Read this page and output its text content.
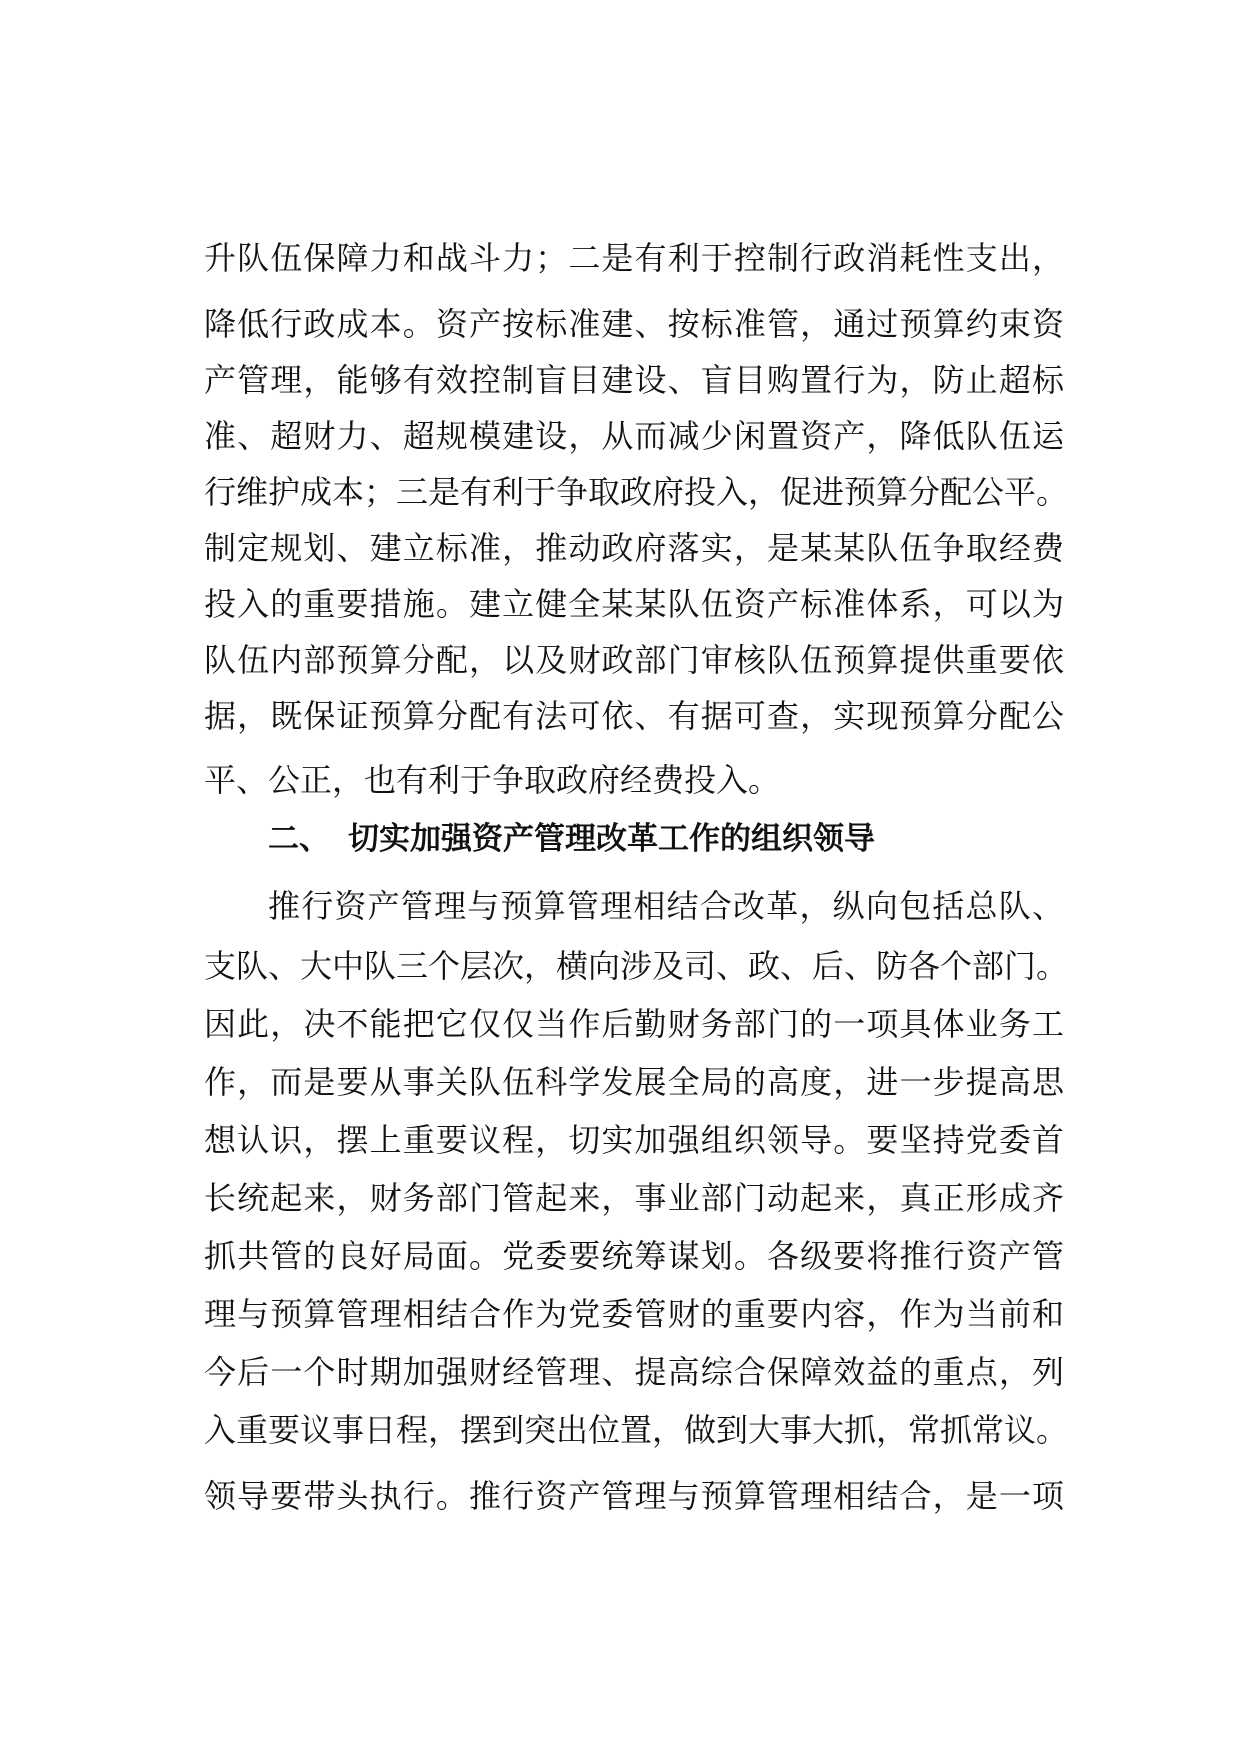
升队伍保障力和战斗力；二是有利于控制行政消耗性支出，
降低行政成本。资产按标准建、按标准管，通过预算约束资
产管理，能够有效控制盲目建设、盲目购置行为，防止超标
准、超财力、超规模建设，从而减少闲置资产，降低队伍运
行维护成本；三是有利于争取政府投入，促进预算分配公平。
制定规划、建立标准，推动政府落实，是某某队伍争取经费
投入的重要措施。建立健全某某队伍资产标准体系，可以为
队伍内部预算分配，以及财政部门审核队伍预算提供重要依
据，既保证预算分配有法可依、有据可查，实现预算分配公
平、公正，也有利于争取政府经费投入。
二、 切实加强资产管理改革工作的组织领导
推行资产管理与预算管理相结合改革，纵向包括总队、
支队、大中队三个层次，横向涉及司、政、后、防各个部门。
因此，决不能把它仅仅当作后勤财务部门的一项具体业务工
作，而是要从事关队伍科学发展全局的高度，进一步提高思
想认识，摆上重要议程，切实加强组织领导。要坚持党委首
长统起来，财务部门管起来，事业部门动起来，真正形成齐
抓共管的良好局面。党委要统筹谋划。各级要将推行资产管
理与预算管理相结合作为党委管财的重要内容，作为当前和
今后一个时期加强财经管理、提高综合保障效益的重点，列
入重要议事日程，摆到突出位置，做到大事大抓，常抓常议。
领导要带头执行。推行资产管理与预算管理相结合，是一项
